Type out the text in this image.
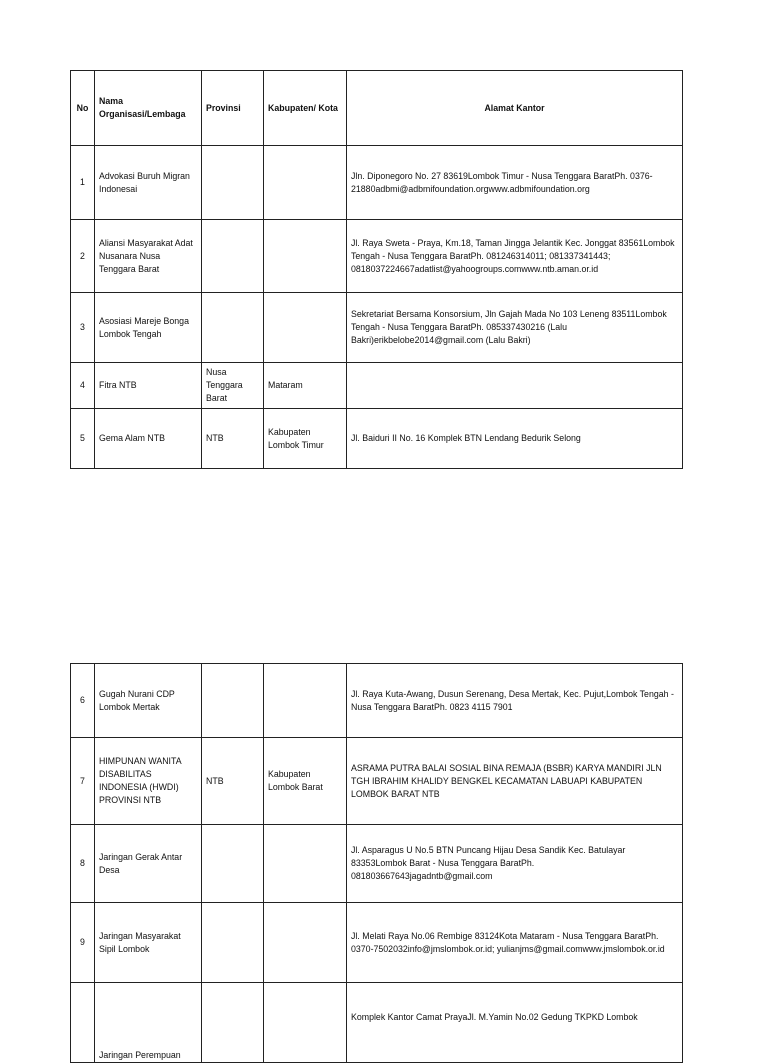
No	Nama Organisasi/Lembaga	Provinsi	Kabupaten/ Kota	Alamat Kantor
1	Advokasi Buruh Migran Indonesai			Jln. Diponegoro No. 27 83619Lombok Timur - Nusa Tenggara BaratPh. 0376- 21880adbmi@adbmifoundation.orgwww.adbmifoundation.org
2	Aliansi Masyarakat Adat Nusanara Nusa Tenggara Barat			Jl. Raya Sweta - Praya, Km.18, Taman Jingga Jelantik Kec. Jonggat 83561Lombok Tengah - Nusa Tenggara BaratPh. 081246314011; 081337341443; 0818037224667adatlist@yahoogroups.comwww.ntb.aman.or.id
3	Asosiasi Mareje Bonga Lombok Tengah			Sekretariat Bersama Konsorsium, Jln Gajah Mada No 103 Leneng 83511Lombok Tengah - Nusa Tenggara BaratPh. 085337430216 (Lalu Bakri)erikbelobe2014@gmail.com (Lalu Bakri)
4	Fitra NTB	Nusa Tenggara Barat	Mataram	
5	Gema Alam NTB	NTB	Kabupaten Lombok Timur	Jl. Baiduri II No. 16 Komplek BTN Lendang Bedurik Selong
6	Gugah Nurani CDP Lombok Mertak			Jl. Raya Kuta-Awang, Dusun Serenang, Desa Mertak, Kec. Pujut,Lombok Tengah - Nusa Tenggara BaratPh. 0823 4115 7901
7	HIMPUNAN WANITA DISABILITAS INDONESIA (HWDI) PROVINSI NTB	NTB	Kabupaten Lombok Barat	ASRAMA PUTRA BALAI SOSIAL BINA REMAJA (BSBR) KARYA MANDIRI JLN TGH IBRAHIM KHALIDY BENGKEL KECAMATAN LABUAPI KABUPATEN LOMBOK BARAT NTB
8	Jaringan Gerak Antar Desa			Jl. Asparagus U No.5 BTN Puncang Hijau Desa Sandik Kec. Batulayar 83353Lombok Barat - Nusa Tenggara BaratPh. 081803667643jagadntb@gmail.com
9	Jaringan Masyarakat Sipil Lombok			Jl. Melati Raya No.06 Rembige 83124Kota Mataram - Nusa Tenggara BaratPh. 0370-7502032info@jmslombok.or.id; yulianjms@gmail.comwww.jmslombok.or.id
	Jaringan Perempuan			Komplek Kantor Camat PrayaJl. M.Yamin No.02 Gedung TKPKD Lombok
